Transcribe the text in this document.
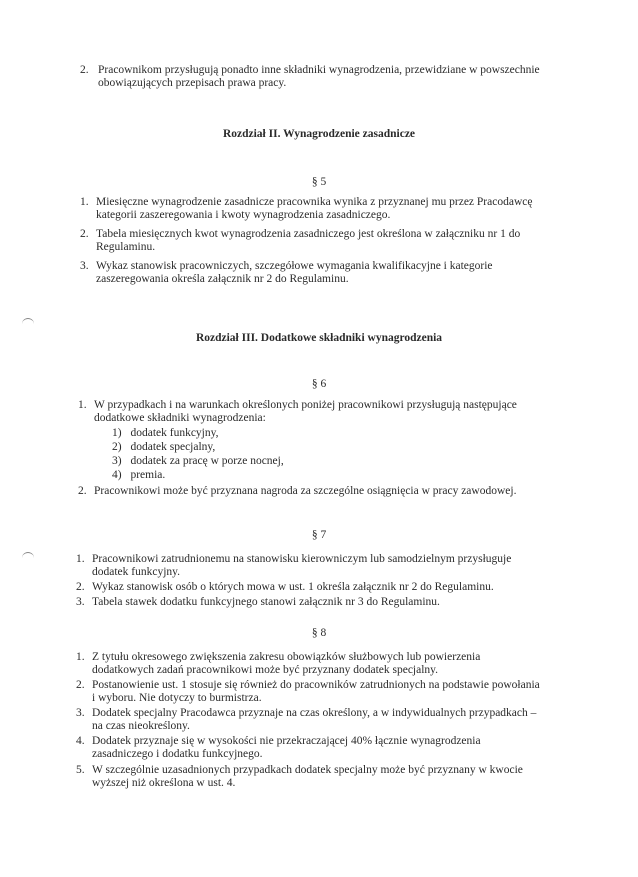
2. Pracownikom przysługują ponadto inne składniki wynagrodzenia, przewidziane w powszechnie
obowiązujących przepisach prawa pracy.
Rozdział II. Wynagrodzenie zasadnicze
§ 5
1. Miesięczne wynagrodzenie zasadnicze pracownika wynika z przyznanej mu przez Pracodawcę
kategorii zaszeregowania i kwoty wynagrodzenia zasadniczego.
2. Tabela miesięcznych kwot wynagrodzenia zasadniczego jest określona w załączniku nr 1 do
Regulaminu.
3. Wykaz stanowisk pracowniczych, szczegółowe wymagania kwalifikacyjne i kategorie
zaszeregowania określa załącznik nr 2 do Regulaminu.
Rozdział III. Dodatkowe składniki wynagrodzenia
§ 6
1. W przypadkach i na warunkach określonych poniżej pracownikowi przysługują następujące
dodatkowe składniki wynagrodzenia:
1) dodatek funkcyjny,
2) dodatek specjalny,
3) dodatek za pracę w porze nocnej,
4) premia.
2. Pracownikowi może być przyznana nagroda za szczególne osiągnięcia w pracy zawodowej.
§ 7
1. Pracownikowi zatrudnionemu na stanowisku kierowniczym lub samodzielnym przysługuje
dodatek funkcyjny.
2. Wykaz stanowisk osób o których mowa w ust. 1 określa załącznik nr 2 do Regulaminu.
3. Tabela stawek dodatku funkcyjnego stanowi załącznik nr 3 do Regulaminu.
§ 8
1. Z tytułu okresowego zwiększenia zakresu obowiązków służbowych lub powierzenia
dodatkowych zadań pracownikowi może być przyznany dodatek specjalny.
2. Postanowienie ust. 1 stosuje się również do pracowników zatrudnionych na podstawie powołania
i wyboru. Nie dotyczy to burmistrza.
3. Dodatek specjalny Pracodawca przyznaje na czas określony, a w indywidualnych przypadkach –
na czas nieokreślony.
4. Dodatek przyznaje się w wysokości nie przekraczającej 40% łącznie wynagrodzenia
zasadniczego i dodatku funkcyjnego.
5. W szczególnie uzasadnionych przypadkach dodatek specjalny może być przyznany w kwocie
wyższej niż określona w ust. 4.
